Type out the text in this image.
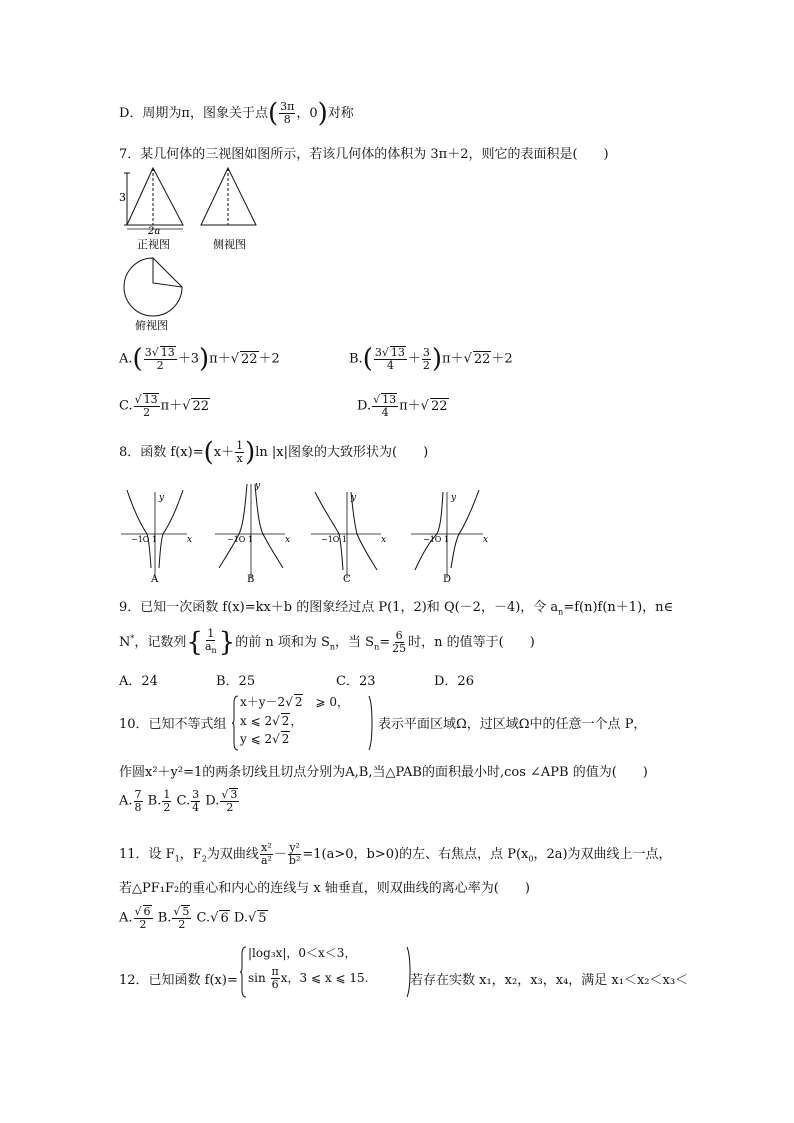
D．周期为π，图象关于点( $\frac{3\pi}{8}$ ，0)对称
7．某几何体的三视图如图所示，若该几何体的体积为 3π＋2，则它的表面积是(　　)
3
2a
正视图	侧视图
俯视图
$A.( \frac{3√ 13}{2} +3)\pi+√$ 22＋2	$B.( \frac{3√ 13}{4} + \frac{3}{2} )\pi+√$ 22＋2
C. $\frac{√ 13}{2} \pi+√$ 22	D. $\frac{√ 13}{4} \pi+√$ 22
8．函数 $f(x)=(x+ \frac{1}{x} )\ln$ |x|图象的大致形状为(　　)
y
x
−1O 1
A
y
x
−1O 1
B
y
x
−1O 1
C
y
x
−1O 1
D
9．已知一次函数 f(x)=kx＋b 的图象经过点 P(1，2)和 Q(－2，－4)，令 $a_n=f(n)f(n+1)$，n∈
N*，记数列{ $\frac{1}{a_n}$ }的前 n 项和为 $S_n$，当 $S_n= \frac{6}{25}$ 时，n 的值等于(　　)
A．24	B．25	C．23	D．26
10．已知不等式组
x＋y－2√ 2　 ⩾ 0，
x ⩽ 2√ 2，
y ⩽ 2√ 2
表示平面区域Ω，过区域Ω中的任意一个点 P，
作圆x²＋y²=1的两条切线且切点分别为A,B,当△PAB的面积最小时,cos ∠APB 的值为(　　)
A. $\frac{7}{8} B$. $\frac{1}{2} C$. $\frac{3}{4} D$. $\frac{√ 3}{2}$
11．设 $F_1$，$F_2$为双曲线 $\frac{\text{x²}}{\text{a²}} - \frac{\text{y²}}{\text{b²}} =1(a>0$，b>0)的左、右焦点，点 $P(x_0$，2a)为双曲线上一点，
若△PF₁F₂的重心和内心的连线与 x 轴垂直，则双曲线的离心率为(　　)
A. $\frac{√ 6}{2} B$. $\frac{√ 5}{2} C.√$ 6 D.√ 5
12．已知函数 f(x)=
|log₃x|，0＜x＜3，
$\sin \frac{\pi}{6}$ x，3 ⩽ x ⩽ 15.	若存在实数 x₁，x₂，x₃，x₄，满足 x₁＜x₂＜x₃＜
